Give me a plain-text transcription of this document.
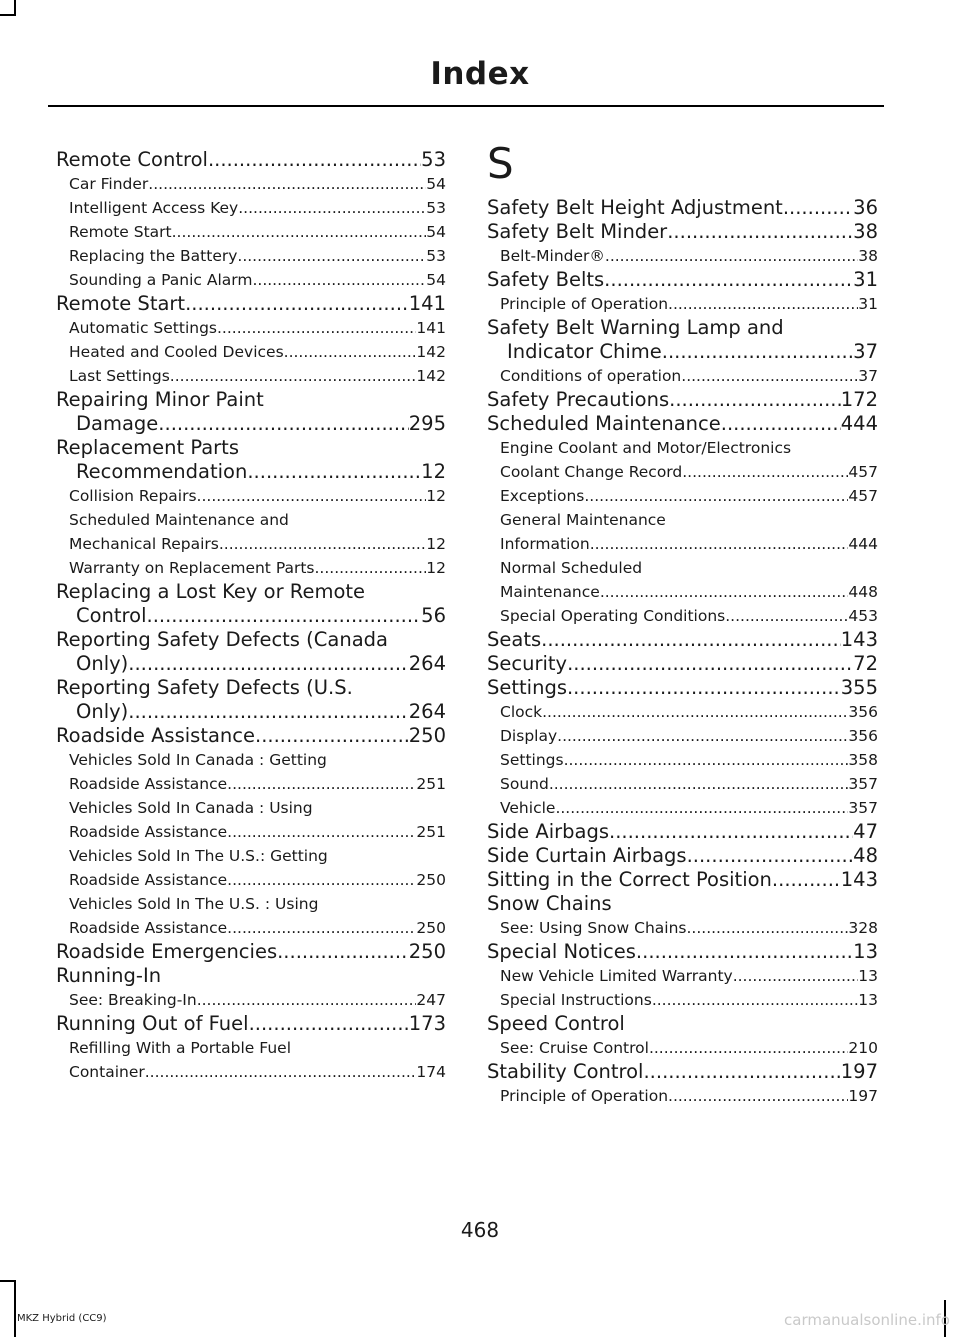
Index
Remote Control .....	53
Car Finder .....	54
Intelligent Access Key .....	53
Remote Start .....	54
Replacing the Battery .....	53
Sounding a Panic Alarm .....	54
Remote Start .....	141
Automatic Settings .....	141
Heated and Cooled Devices .....	142
Last Settings .....	142
Repairing Minor Paint
Damage .....	295
Replacement Parts
Recommendation .....	12
Collision Repairs .....	12
Scheduled Maintenance and
Mechanical Repairs .....	12
Warranty on Replacement Parts .....	12
Replacing a Lost Key or Remote
Control .....	56
Reporting Safety Defects (Canada
Only) .....	264
Reporting Safety Defects (U.S.
Only) .....	264
Roadside Assistance .....	250
Vehicles Sold In Canada : Getting
Roadside Assistance .....	251
Vehicles Sold In Canada : Using
Roadside Assistance .....	251
Vehicles Sold In The U.S.: Getting
Roadside Assistance .....	250
Vehicles Sold In The U.S. : Using
Roadside Assistance .....	250
Roadside Emergencies .....	250
Running-In
See: Breaking-In .....	247
Running Out of Fuel .....	173
Refilling With a Portable Fuel
Container .....	174
S
Safety Belt Height Adjustment .....	36
Safety Belt Minder .....	38
Belt-Minder® .....	38
Safety Belts .....	31
Principle of Operation .....	31
Safety Belt Warning Lamp and
Indicator Chime .....	37
Conditions of operation .....	37
Safety Precautions .....	172
Scheduled Maintenance .....	444
Engine Coolant and Motor/Electronics
Coolant Change Record .....	457
Exceptions .....	457
General Maintenance
Information .....	444
Normal Scheduled
Maintenance .....	448
Special Operating Conditions .....	453
Seats .....	143
Security .....	72
Settings .....	355
Clock .....	356
Display .....	356
Settings .....	358
Sound .....	357
Vehicle .....	357
Side Airbags .....	47
Side Curtain Airbags .....	48
Sitting in the Correct Position .....	143
Snow Chains
See: Using Snow Chains .....	328
Special Notices .....	13
New Vehicle Limited Warranty .....	13
Special Instructions .....	13
Speed Control
See: Cruise Control .....	210
Stability Control .....	197
Principle of Operation .....	197
468
MKZ Hybrid (CC9)	carmanualsonline.info
